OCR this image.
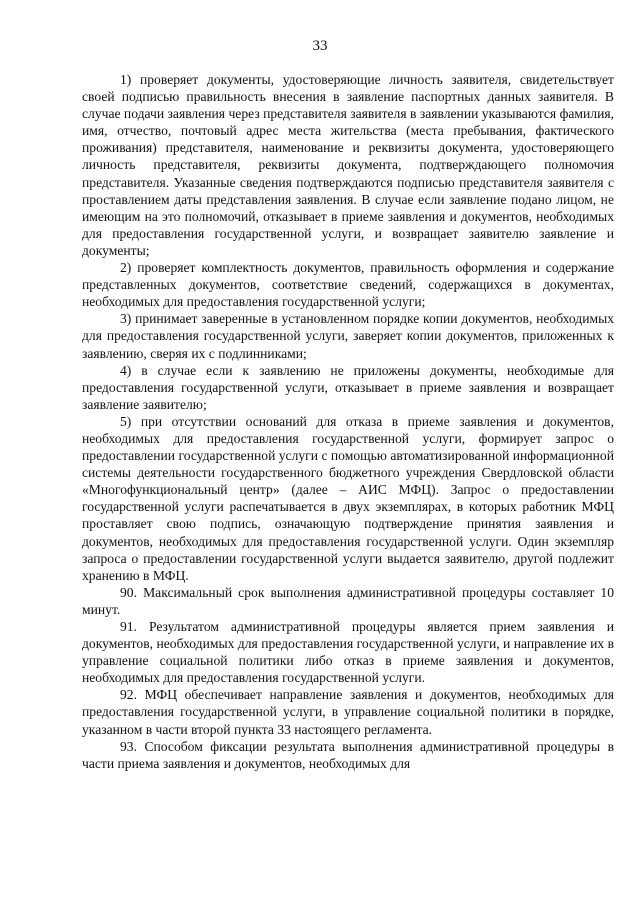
33

1) проверяет документы, удостоверяющие личность заявителя, свидетельствует своей подписью правильность внесения в заявление паспортных данных заявителя. В случае подачи заявления через представителя заявителя в заявлении указываются фамилия, имя, отчество, почтовый адрес места жительства (места пребывания, фактического проживания) представителя, наименование и реквизиты документа, удостоверяющего личность представителя, реквизиты документа, подтверждающего полномочия представителя. Указанные сведения подтверждаются подписью представителя заявителя с проставлением даты представления заявления. В случае если заявление подано лицом, не имеющим на это полномочий, отказывает в приеме заявления и документов, необходимых для предоставления государственной услуги, и возвращает заявителю заявление и документы;

2) проверяет комплектность документов, правильность оформления и содержание представленных документов, соответствие сведений, содержащихся в документах, необходимых для предоставления государственной услуги;

3) принимает заверенные в установленном порядке копии документов, необходимых для предоставления государственной услуги, заверяет копии документов, приложенных к заявлению, сверяя их с подлинниками;

4) в случае если к заявлению не приложены документы, необходимые для предоставления государственной услуги, отказывает в приеме заявления и возвращает заявление заявителю;

5) при отсутствии оснований для отказа в приеме заявления и документов, необходимых для предоставления государственной услуги, формирует запрос о предоставлении государственной услуги с помощью автоматизированной информационной системы деятельности государственного бюджетного учреждения Свердловской области «Многофункциональный центр» (далее – АИС МФЦ). Запрос о предоставлении государственной услуги распечатывается в двух экземплярах, в которых работник МФЦ проставляет свою подпись, означающую подтверждение принятия заявления и документов, необходимых для предоставления государственной услуги. Один экземпляр запроса о предоставлении государственной услуги выдается заявителю, другой подлежит хранению в МФЦ.

90. Максимальный срок выполнения административной процедуры составляет 10 минут.

91. Результатом административной процедуры является прием заявления и документов, необходимых для предоставления государственной услуги, и направление их в управление социальной политики либо отказ в приеме заявления и документов, необходимых для предоставления государственной услуги.

92. МФЦ обеспечивает направление заявления и документов, необходимых для предоставления государственной услуги, в управление социальной политики в порядке, указанном в части второй пункта 33 настоящего регламента.

93. Способом фиксации результата выполнения административной процедуры в части приема заявления и документов, необходимых для
